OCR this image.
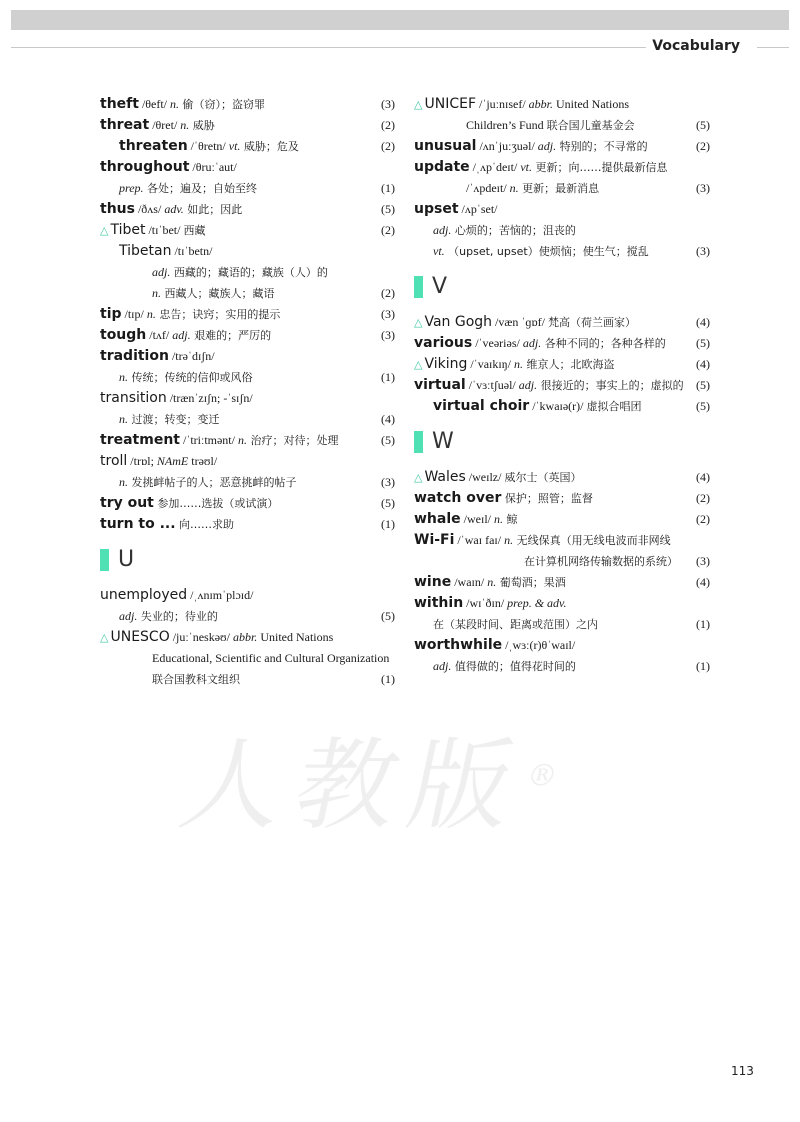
Vocabulary
theft /θeft/ n. 偷（窃）；盗窃罪	(3)
threat /θret/ n. 威胁	(2)
threaten /ˈθretn/ vt. 威胁；危及	(2)
throughout /θruːˈaut/
prep. 各处；遍及；自始至终	(1)
thus /ðʌs/ adv. 如此；因此	(5)
△ Tibet /tɪˈbet/ 西藏	(2)
Tibetan /tɪˈbetn/
adj. 西藏的；藏语的；藏族（人）的
n. 西藏人；藏族人；藏语	(2)
tip /tɪp/ n. 忠告；诀窍；实用的提示	(3)
tough /tʌf/ adj. 艰难的；严厉的	(3)
tradition /trəˈdɪʃn/
n. 传统；传统的信仰或风俗	(1)
transition /trænˈzɪʃn; -ˈsɪʃn/
n. 过渡；转变；变迁	(4)
treatment /ˈtriːtmənt/ n. 治疗；对待；处理	(5)
troll /trɒl; NAmE trəʊl/
n. 发挑衅帖子的人；恶意挑衅的帖子	(3)
try out 参加……选拔（或试演）	(5)
turn to ... 向……求助	(1)
U
unemployed /ˌʌnɪmˈplɔɪd/
adj. 失业的；待业的	(5)
△ UNESCO /juːˈneskəʊ/ abbr. United Nations
Educational, Scientific and Cultural Organization
联合国教科文组织	(1)
△ UNICEF /ˈjuːnɪsef/ abbr. United Nations
Children’s Fund 联合国儿童基金会	(5)
unusual /ʌnˈjuːʒuəl/ adj. 特别的；不寻常的	(2)
update /ˌʌpˈdeɪt/ vt. 更新；向……提供最新信息
/ˈʌpdeɪt/ n. 更新；最新消息	(3)
upset /ʌpˈset/
adj. 心烦的；苦恼的；沮丧的
vt. （upset, upset）使烦恼；使生气；搅乱	(3)
V
△ Van Gogh /væn ˈɡɒf/ 梵高（荷兰画家）	(4)
various /ˈveəriəs/ adj. 各种不同的；各种各样的	(5)
△ Viking /ˈvaɪkɪŋ/ n. 维京人；北欧海盗	(4)
virtual /ˈvɜːtʃuəl/ adj. 很接近的；事实上的；虚拟的 (5)
virtual choir /ˈkwaɪə(r)/ 虚拟合唱团	(5)
W
△ Wales /weɪlz/ 威尔士（英国）	(4)
watch over 保护；照管；监督	(2)
whale /weɪl/ n. 鲸	(2)
Wi-Fi /ˈwaɪ faɪ/ n. 无线保真（用无线电波而非网线
在计算机网络传输数据的系统） (3)
wine /waɪn/ n. 葡萄酒；果酒	(4)
within /wɪˈðɪn/ prep. & adv.
在（某段时间、距离或范围）之内	(1)
worthwhile /ˌwɜː(r)θˈwaɪl/
adj. 值得做的；值得花时间的	(1)
人教版®
113
